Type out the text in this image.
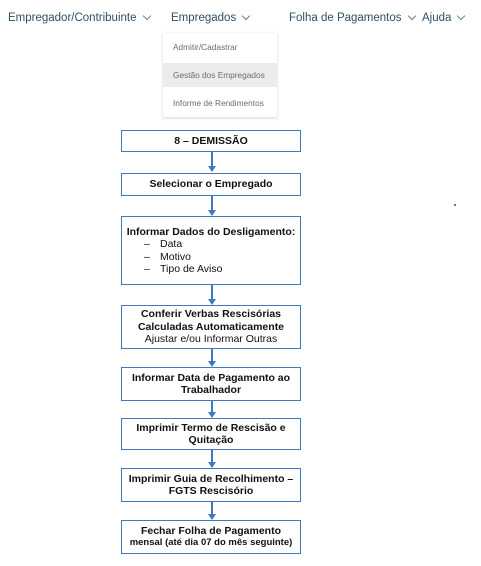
Empregador/Contribuinte	Empregados	Folha de Pagamentos Ajuda
Admitir/Cadastrar
Gestão dos Empregados
Informe de Rendimentos
8 – DEMISSÃO
Selecionar o Empregado
Informar Dados do Desligamento:
– Data
– Motivo
– Tipo de Aviso
Conferir Verbas Rescisórias
Calculadas Automaticamente
Ajustar e/ou Informar Outras
Informar Data de Pagamento ao
Trabalhador
Imprimir Termo de Rescisão e
Quitação
Imprimir Guia de Recolhimento –
FGTS Rescisório
Fechar Folha de Pagamento
mensal (até dia 07 do mês seguinte)
